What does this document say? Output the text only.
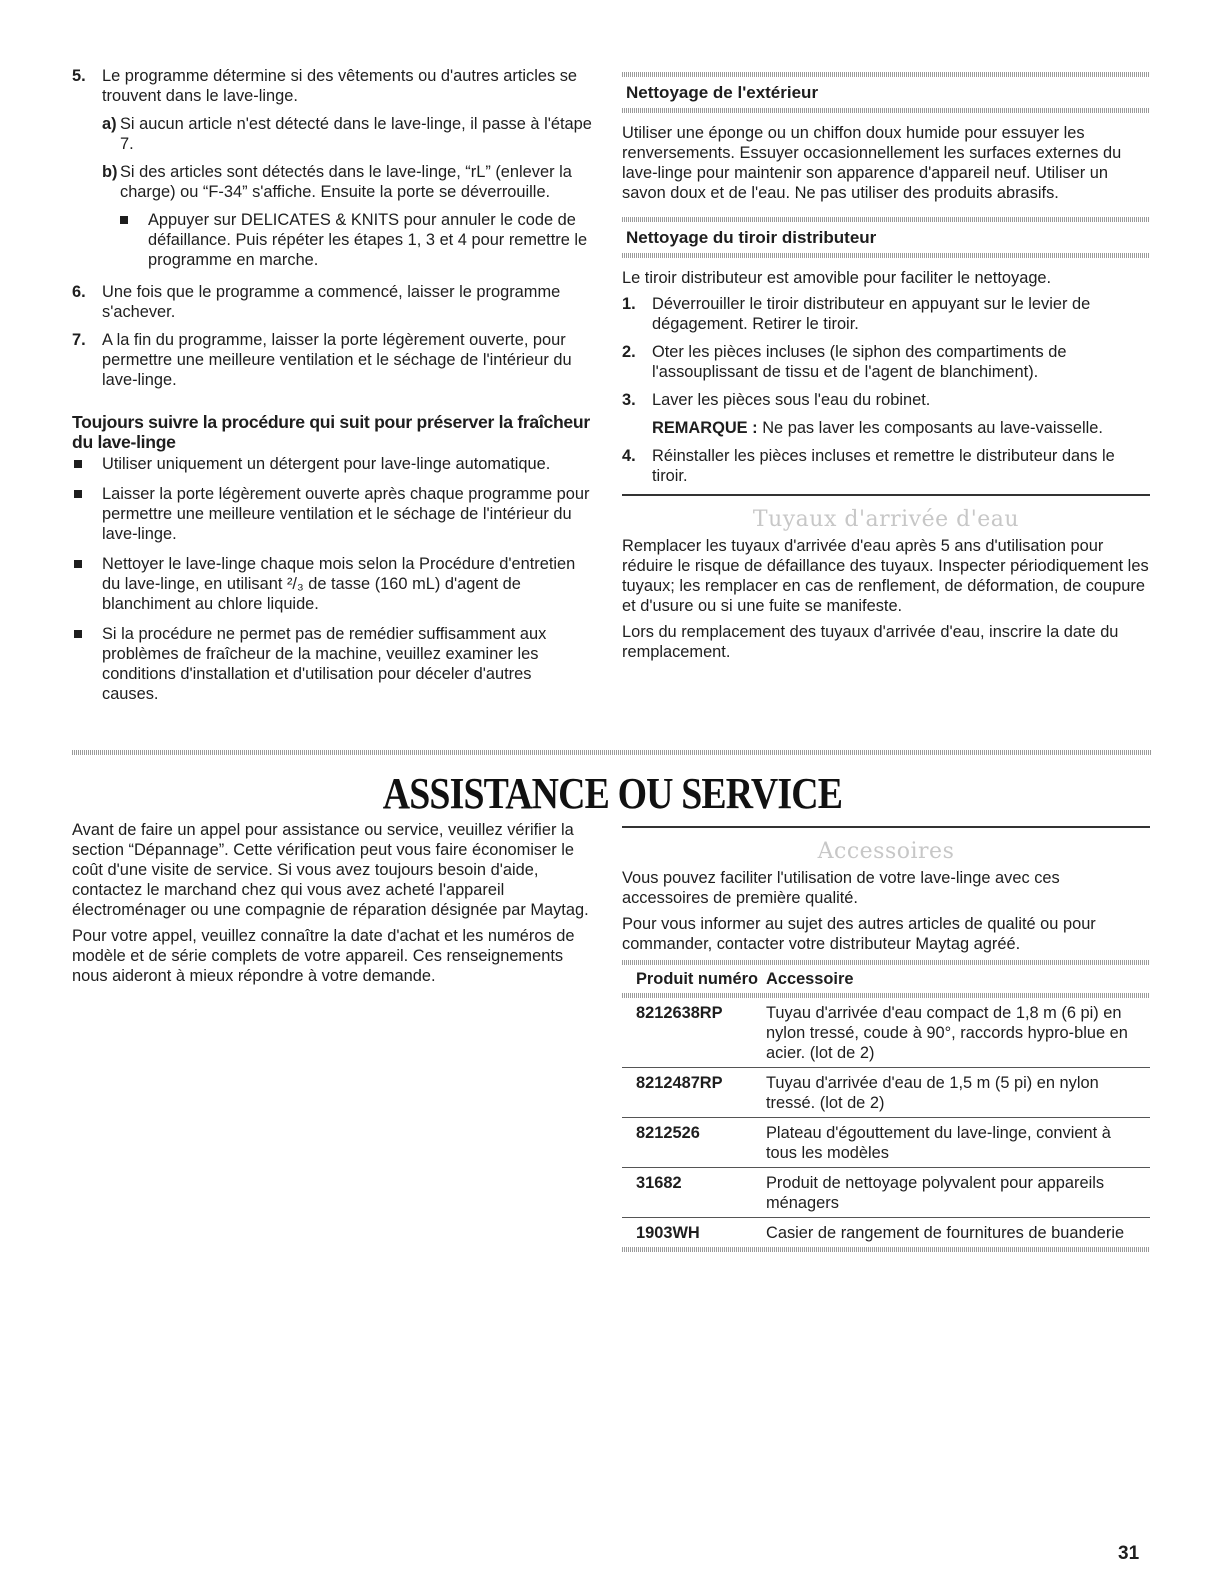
5. Le programme détermine si des vêtements ou d'autres articles se trouvent dans le lave-linge.
a) Si aucun article n'est détecté dans le lave-linge, il passe à l'étape 7.
b) Si des articles sont détectés dans le lave-linge, “rL” (enlever la charge) ou “F-34” s'affiche. Ensuite la porte se déverrouille.
Appuyer sur DELICATES & KNITS pour annuler le code de défaillance. Puis répéter les étapes 1, 3 et 4 pour remettre le programme en marche.
6. Une fois que le programme a commencé, laisser le programme s'achever.
7. A la fin du programme, laisser la porte légèrement ouverte, pour permettre une meilleure ventilation et le séchage de l'intérieur du lave-linge.
Toujours suivre la procédure qui suit pour préserver la fraîcheur du lave-linge
Utiliser uniquement un détergent pour lave-linge automatique.
Laisser la porte légèrement ouverte après chaque programme pour permettre une meilleure ventilation et le séchage de l'intérieur du lave-linge.
Nettoyer le lave-linge chaque mois selon la Procédure d'entretien du lave-linge, en utilisant ²/₃ de tasse (160 mL) d'agent de blanchiment au chlore liquide.
Si la procédure ne permet pas de remédier suffisamment aux problèmes de fraîcheur de la machine, veuillez examiner les conditions d'installation et d'utilisation pour déceler d'autres causes.
Nettoyage de l'extérieur
Utiliser une éponge ou un chiffon doux humide pour essuyer les renversements. Essuyer occasionnellement les surfaces externes du lave-linge pour maintenir son apparence d'appareil neuf. Utiliser un savon doux et de l'eau. Ne pas utiliser des produits abrasifs.
Nettoyage du tiroir distributeur
Le tiroir distributeur est amovible pour faciliter le nettoyage.
1. Déverrouiller le tiroir distributeur en appuyant sur le levier de dégagement. Retirer le tiroir.
2. Oter les pièces incluses (le siphon des compartiments de l'assouplissant de tissu et de l'agent de blanchiment).
3. Laver les pièces sous l'eau du robinet.
REMARQUE : Ne pas laver les composants au lave-vaisselle.
4. Réinstaller les pièces incluses et remettre le distributeur dans le tiroir.
Tuyaux d'arrivée d'eau
Remplacer les tuyaux d'arrivée d'eau après 5 ans d'utilisation pour réduire le risque de défaillance des tuyaux. Inspecter périodiquement les tuyaux; les remplacer en cas de renflement, de déformation, de coupure et d'usure ou si une fuite se manifeste.
Lors du remplacement des tuyaux d'arrivée d'eau, inscrire la date du remplacement.
ASSISTANCE OU SERVICE
Avant de faire un appel pour assistance ou service, veuillez vérifier la section “Dépannage”. Cette vérification peut vous faire économiser le coût d'une visite de service. Si vous avez toujours besoin d'aide, contactez le marchand chez qui vous avez acheté l'appareil électroménager ou une compagnie de réparation désignée par Maytag.
Pour votre appel, veuillez connaître la date d'achat et les numéros de modèle et de série complets de votre appareil. Ces renseignements nous aideront à mieux répondre à votre demande.
Accessoires
Vous pouvez faciliter l'utilisation de votre lave-linge avec ces accessoires de première qualité.
Pour vous informer au sujet des autres articles de qualité ou pour commander, contacter votre distributeur Maytag agréé.
Produit numéro Accessoire
8212638RP	Tuyau d'arrivée d'eau compact de 1,8 m (6 pi) en nylon tressé, coude à 90°, raccords hypro-blue en acier. (lot de 2)
8212487RP	Tuyau d'arrivée d'eau de 1,5 m (5 pi) en nylon tressé. (lot de 2)
8212526	Plateau d'égouttement du lave-linge, convient à tous les modèles
31682	Produit de nettoyage polyvalent pour appareils ménagers
1903WH	Casier de rangement de fournitures de buanderie
31
